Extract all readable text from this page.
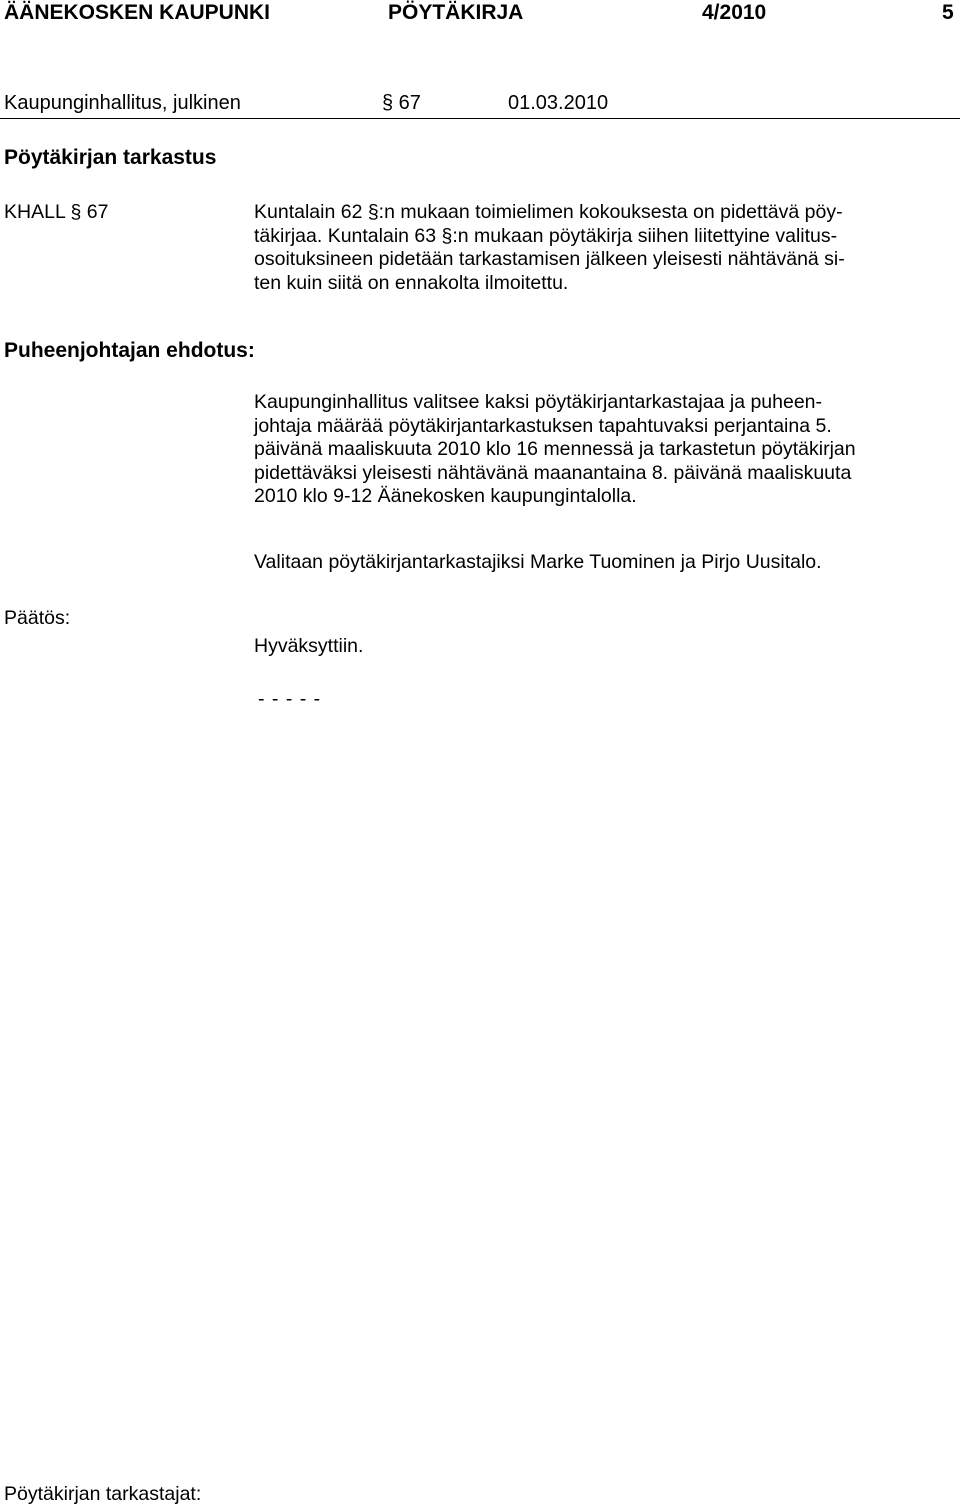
ÄÄNEKOSKEN KAUPUNKI	PÖYTÄKIRJA	4/2010	5
Kaupunginhallitus, julkinen	§ 67	01.03.2010
Pöytäkirjan tarkastus
KHALL § 67	Kuntalain 62 §:n mukaan toimielimen kokouksesta on pidettävä pöy-
täkirjaa. Kuntalain 63 §:n mukaan pöytäkirja siihen liitettyine valitus-
osoituksineen pidetään tarkastamisen jälkeen yleisesti nähtävänä si-
ten kuin siitä on ennakolta ilmoitettu.
Puheenjohtajan ehdotus:
Kaupunginhallitus valitsee kaksi pöytäkirjantarkastajaa ja puheen-
johtaja määrää pöytäkirjantarkastuksen tapahtuvaksi perjantaina 5.
päivänä maaliskuuta 2010 klo 16 mennessä ja tarkastetun pöytäkirjan
pidettäväksi yleisesti nähtävänä maanantaina 8. päivänä maaliskuuta
2010 klo 9-12 Äänekosken kaupungintalolla.
Valitaan pöytäkirjantarkastajiksi Marke Tuominen ja Pirjo Uusitalo.
Päätös:
Hyväksyttiin.
- - - - -
Pöytäkirjan tarkastajat:
